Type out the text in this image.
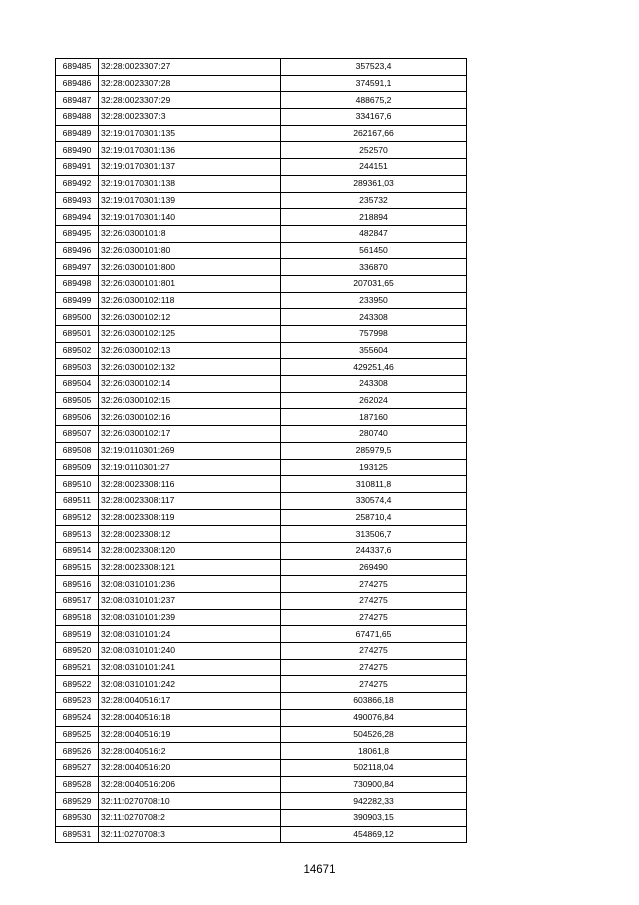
689485	32:28:0023307:27	357523,4
689486	32:28:0023307:28	374591,1
689487	32:28:0023307:29	488675,2
689488	32:28:0023307:3	334167,6
689489	32:19:0170301:135	262167,66
689490	32:19:0170301:136	252570
689491	32:19:0170301:137	244151
689492	32:19:0170301:138	289361,03
689493	32:19:0170301:139	235732
689494	32:19:0170301:140	218894
689495	32:26:0300101:8	482847
689496	32:26:0300101:80	561450
689497	32:26:0300101:800	336870
689498	32:26:0300101:801	207031,65
689499	32:26:0300102:118	233950
689500	32:26:0300102:12	243308
689501	32:26:0300102:125	757998
689502	32:26:0300102:13	355604
689503	32:26:0300102:132	429251,46
689504	32:26:0300102:14	243308
689505	32:26:0300102:15	262024
689506	32:26:0300102:16	187160
689507	32:26:0300102:17	280740
689508	32:19:0110301:269	285979,5
689509	32:19:0110301:27	193125
689510	32:28:0023308:116	310811,8
689511	32:28:0023308:117	330574,4
689512	32:28:0023308:119	258710,4
689513	32:28:0023308:12	313506,7
689514	32:28:0023308:120	244337,6
689515	32:28:0023308:121	269490
689516	32:08:0310101:236	274275
689517	32:08:0310101:237	274275
689518	32:08:0310101:239	274275
689519	32:08:0310101:24	67471,65
689520	32:08:0310101:240	274275
689521	32:08:0310101:241	274275
689522	32:08:0310101:242	274275
689523	32:28:0040516:17	603866,18
689524	32:28:0040516:18	490076,84
689525	32:28:0040516:19	504526,28
689526	32:28:0040516:2	18061,8
689527	32:28:0040516:20	502118,04
689528	32:28:0040516:206	730900,84
689529	32:11:0270708:10	942282,33
689530	32:11:0270708:2	390903,15
689531	32:11:0270708:3	454869,12
14671
